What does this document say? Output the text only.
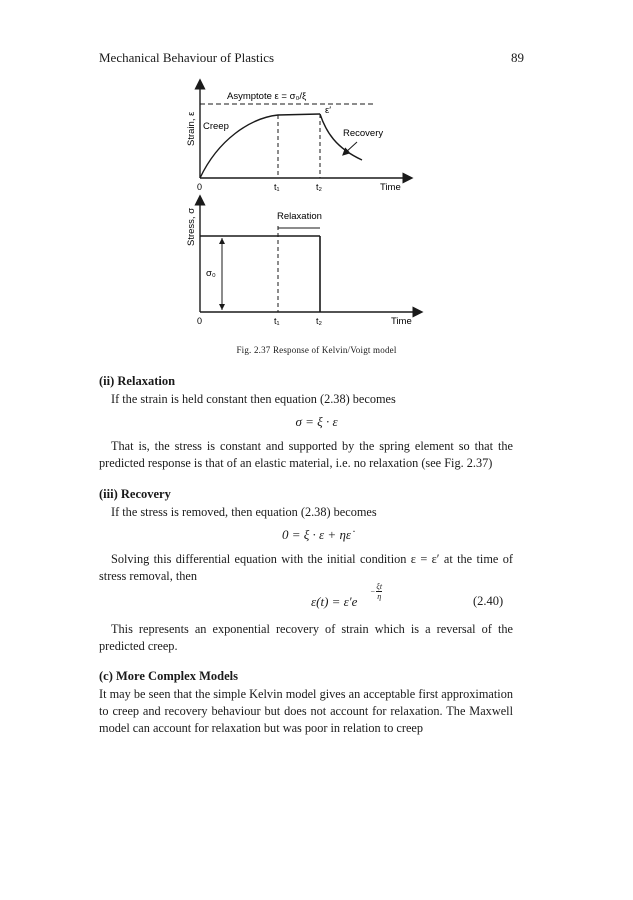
Mechanical Behaviour of Plastics	89
Asymptote ε = σ₀/ξ
Strain, ε Creep
Recovery
ε′
0	t₁	t₂	Time
Stress, σ	Relaxation
σ₀
0	t₁	t₂	Time
Fig. 2.37 Response of Kelvin/Voigt model
(ii) Relaxation
If the strain is held constant then equation (2.38) becomes
σ = ξ · ε
That is, the stress is constant and supported by the spring element so that the predicted response is that of an elastic material, i.e. no relaxation (see Fig. 2.37)
(iii) Recovery
If the stress is removed, then equation (2.38) becomes
0 = ξ · ε + ηε̇
Solving this differential equation with the initial condition ε = ε′ at the time of stress removal, then
− $\frac{\xi t}{\eta}$
ε(t) = ε′e	(2.40)
This represents an exponential recovery of strain which is a reversal of the predicted creep.
(c) More Complex Models
It may be seen that the simple Kelvin model gives an acceptable first approximation to creep and recovery behaviour but does not account for relaxation. The Maxwell model can account for relaxation but was poor in relation to creep
